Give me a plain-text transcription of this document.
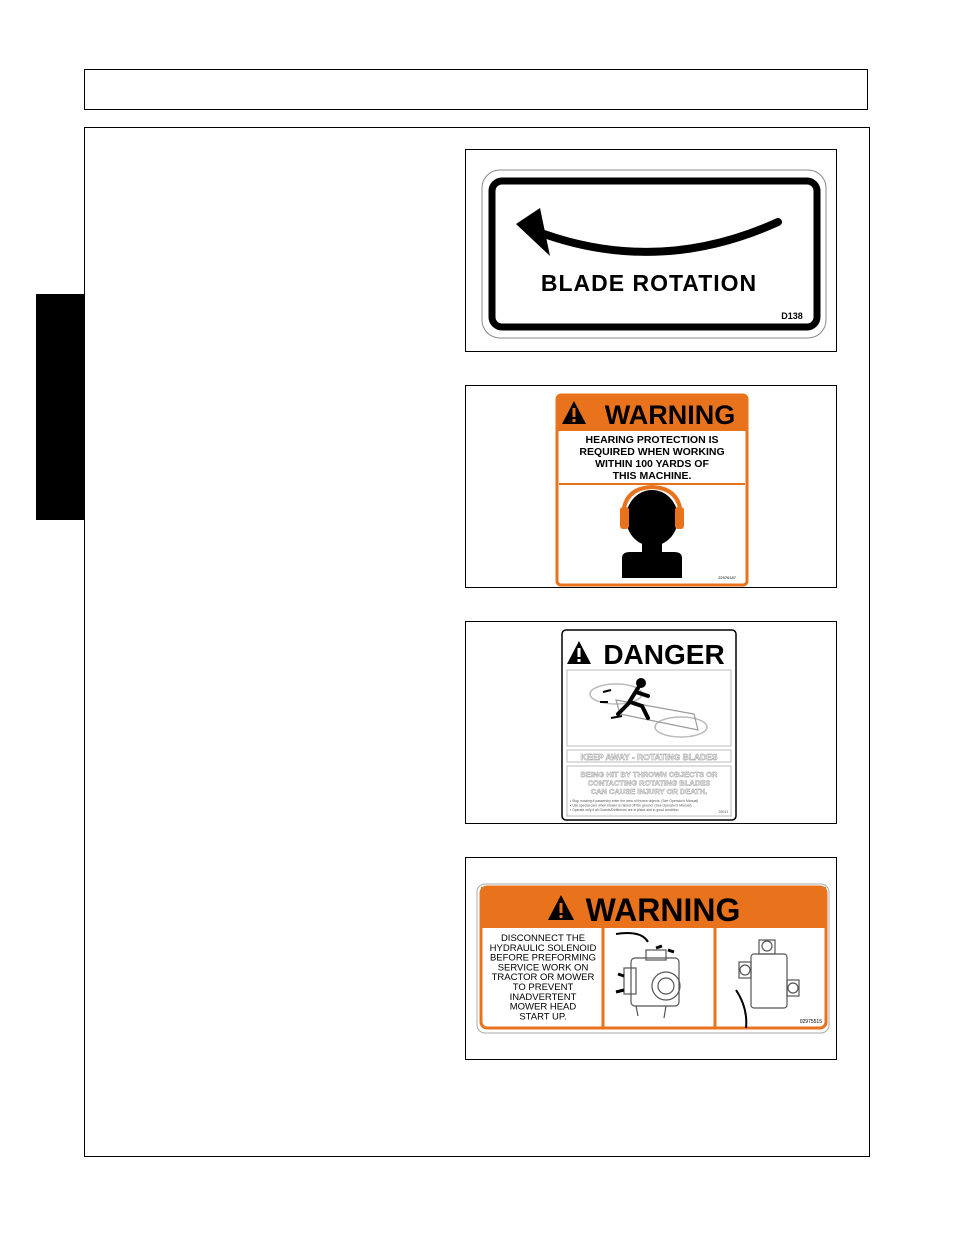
BLADE ROTATION
D138
WARNING
HEARING PROTECTION IS
REQUIRED WHEN WORKING
WITHIN 100 YARDS OF
THIS MACHINE.
22976187
DANGER
KEEP AWAY - ROTATING BLADES
BEING HIT BY THROWN OBJECTS OR
CONTACTING ROTATING BLADES
CAN CAUSE INJURY OR DEATH.
• Stop mowing if passersby enter the area of thrown objects. (See Operator's Manual)
• Use special care when blower is raised off the ground. (See Operator's Manual)
• Operate only if all Guards/Deflectors are in place and in good condition.	D0013
WARNING
DISCONNECT THE
HYDRAULIC SOLENOID
BEFORE PREFORMING
SERVICE WORK ON
TRACTOR OR MOWER
TO PREVENT
INADVERTENT
MOWER HEAD
START UP.	02975515
